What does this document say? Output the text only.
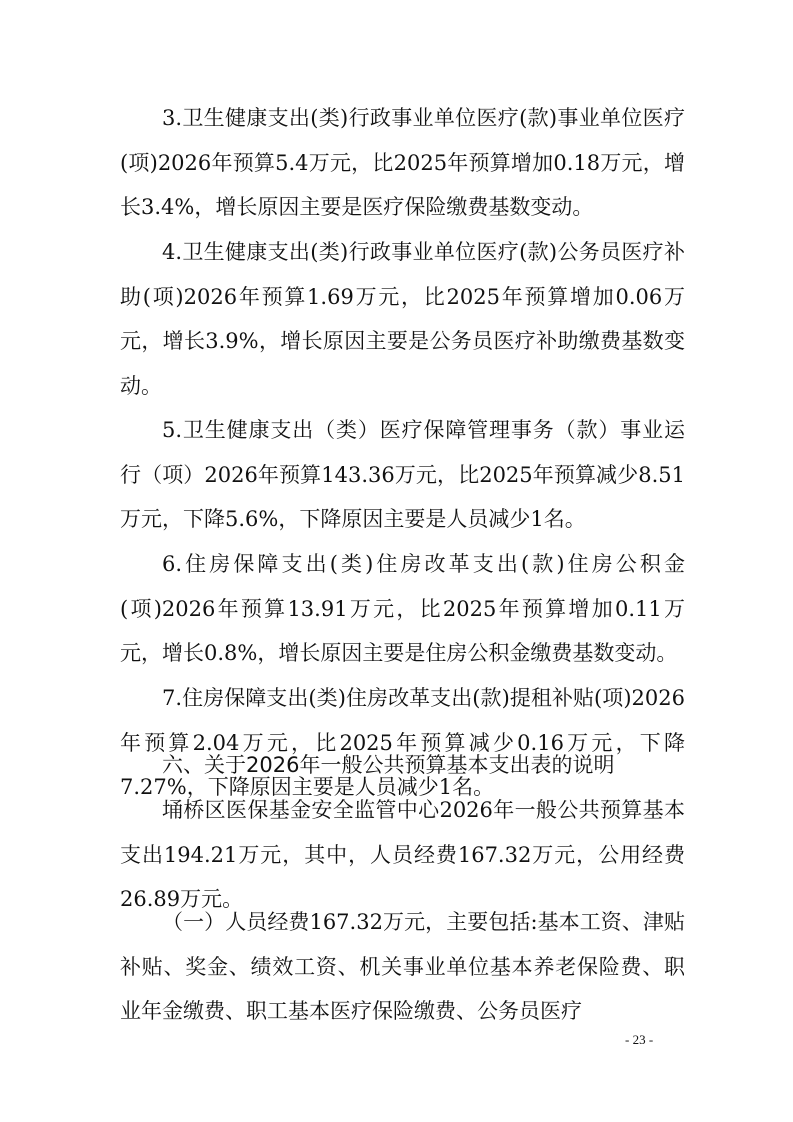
3.卫生健康支出(类)行政事业单位医疗(款)事业单位医疗(项)2026年预算5.4万元，比2025年预算增加0.18万元，增长3.4%，增长原因主要是医疗保险缴费基数变动。

4.卫生健康支出(类)行政事业单位医疗(款)公务员医疗补助(项)2026年预算1.69万元，比2025年预算增加0.06万元，增长3.9%，增长原因主要是公务员医疗补助缴费基数变动。

5.卫生健康支出（类）医疗保障管理事务（款）事业运行（项）2026年预算143.36万元，比2025年预算减少8.51万元，下降5.6%，下降原因主要是人员减少1名。

6.住房保障支出(类)住房改革支出(款)住房公积金(项)2026年预算13.91万元，比2025年预算增加0.11万元，增长0.8%，增长原因主要是住房公积金缴费基数变动。

7.住房保障支出(类)住房改革支出(款)提租补贴(项)2026年预算2.04万元，比2025年预算减少0.16万元，下降7.27%，下降原因主要是人员减少1名。

六、关于2026年一般公共预算基本支出表的说明

埇桥区医保基金安全监管中心2026年一般公共预算基本支出194.21万元，其中，人员经费167.32万元，公用经费26.89万元。

（一）人员经费167.32万元，主要包括:基本工资、津贴补贴、奖金、绩效工资、机关事业单位基本养老保险费、职业年金缴费、职工基本医疗保险缴费、公务员医疗

- 23 -
